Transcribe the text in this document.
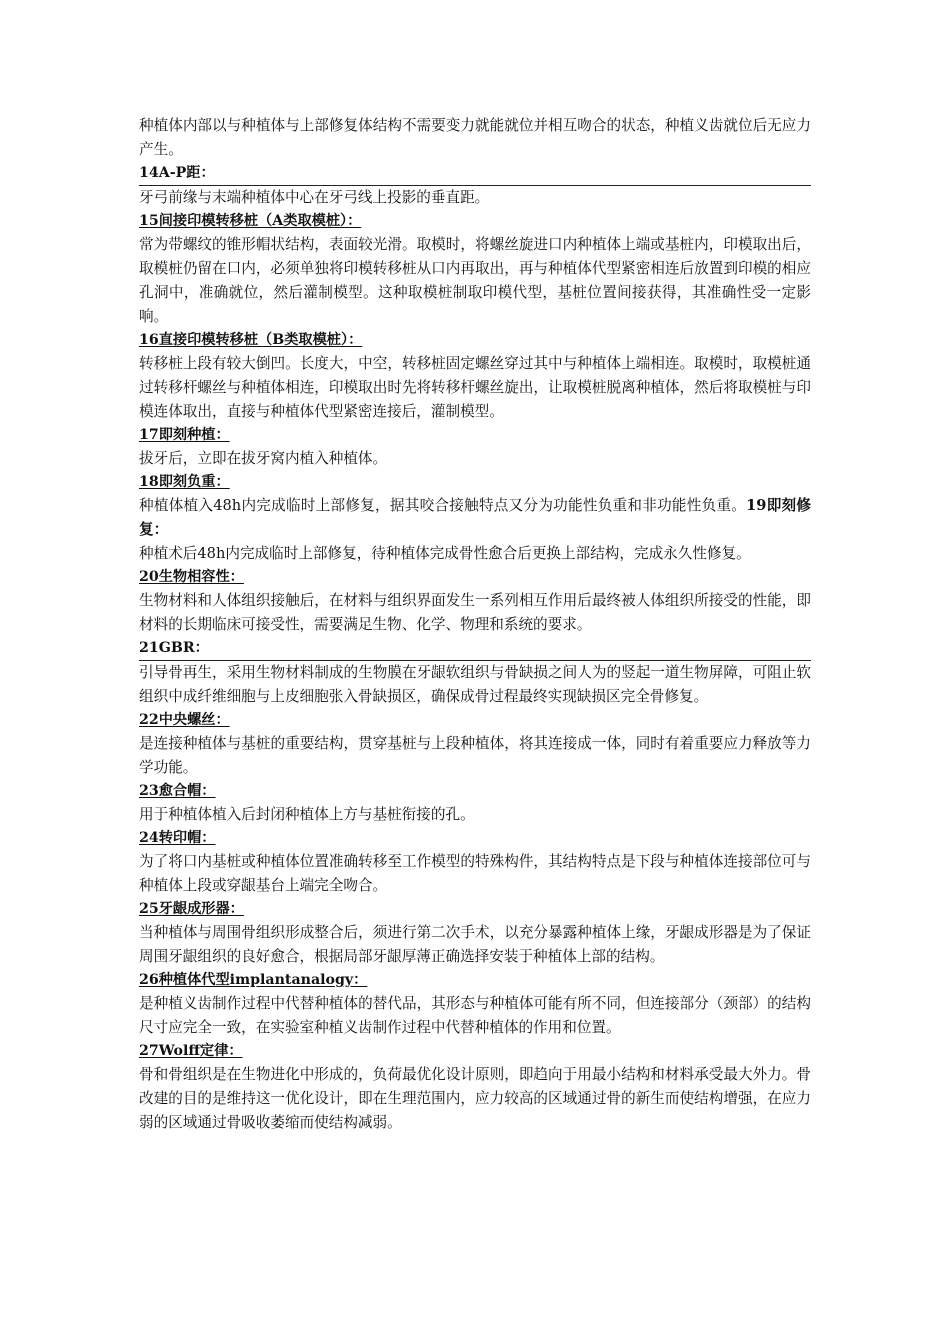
种植体内部以与种植体与上部修复体结构不需要变力就能就位并相互吻合的状态，种植义齿就位后无应力产生。

14A-P距：

牙弓前缘与末端种植体中心在牙弓线上投影的垂直距。

15间接印模转移桩（A类取模桩）：

常为带螺纹的锥形帽状结构，表面较光滑。取模时，将螺丝旋进口内种植体上端或基桩内，印模取出后，取模桩仍留在口内，必须单独将印模转移桩从口内再取出，再与种植体代型紧密相连后放置到印模的相应孔洞中，准确就位，然后灌制模型。这种取模桩制取印模代型，基桩位置间接获得，其准确性受一定影响。

16直接印模转移桩（B类取模桩）：

转移桩上段有较大倒凹。长度大，中空，转移桩固定螺丝穿过其中与种植体上端相连。取模时，取模桩通过转移杆螺丝与种植体相连，印模取出时先将转移杆螺丝旋出，让取模桩脱离种植体，然后将取模桩与印模连体取出，直接与种植体代型紧密连接后，灌制模型。

17即刻种植：

拔牙后，立即在拔牙窝内植入种植体。

18即刻负重：

种植体植入48h内完成临时上部修复，据其咬合接触特点又分为功能性负重和非功能性负重。19即刻修复：

种植术后48h内完成临时上部修复，待种植体完成骨性愈合后更换上部结构，完成永久性修复。

20生物相容性：

生物材料和人体组织接触后，在材料与组织界面发生一系列相互作用后最终被人体组织所接受的性能，即材料的长期临床可接受性，需要满足生物、化学、物理和系统的要求。

21GBR：

引导骨再生，采用生物材料制成的生物膜在牙龈软组织与骨缺损之间人为的竖起一道生物屏障，可阻止软组织中成纤维细胞与上皮细胞张入骨缺损区，确保成骨过程最终实现缺损区完全骨修复。

22中央螺丝：

是连接种植体与基桩的重要结构，贯穿基桩与上段种植体，将其连接成一体，同时有着重要应力释放等力学功能。

23愈合帽：

用于种植体植入后封闭种植体上方与基桩衔接的孔。

24转印帽：

为了将口内基桩或种植体位置准确转移至工作模型的特殊构件，其结构特点是下段与种植体连接部位可与种植体上段或穿龈基台上端完全吻合。

25牙龈成形器：

当种植体与周围骨组织形成整合后，须进行第二次手术，以充分暴露种植体上缘，牙龈成形器是为了保证周围牙龈组织的良好愈合，根据局部牙龈厚薄正确选择安装于种植体上部的结构。

26种植体代型implantanalogy：

是种植义齿制作过程中代替种植体的替代品，其形态与种植体可能有所不同，但连接部分（颈部）的结构尺寸应完全一致，在实验室种植义齿制作过程中代替种植体的作用和位置。

27Wolff定律：

骨和骨组织是在生物进化中形成的，负荷最优化设计原则，即趋向于用最小结构和材料承受最大外力。骨改建的目的是维持这一优化设计，即在生理范围内，应力较高的区域通过骨的新生而使结构增强，在应力弱的区域通过骨吸收萎缩而使结构减弱。
